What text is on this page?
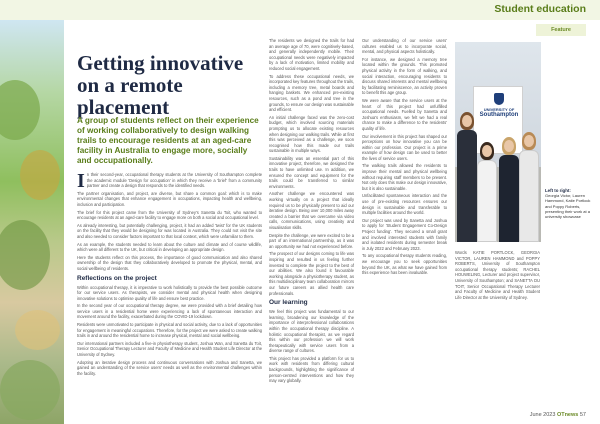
Student education
Feature
Getting innovative on a remote placement
A group of students reflect on their experience of working collaboratively to design walking trails to encourage residents at an aged-care facility in Australia to engage more, socially and occupationally.

In their second-year, occupational therapy students at the University of Southampton complete the academic module 'Design for occupation' in which they receive a 'brief' from a community partner and create a design that responds to the identified needs.

The partner organisation, and project, are diverse, but share a common goal: which is to make environmental changes that enhance engagement in occupations, impacting health and wellbeing, inclusion and participation.

The brief for this project came from the University of Sydney's Sanetta du Toit, who wanted to encourage residents at an aged-care facility to engage more on both a social and occupational level.

As already interesting, but potentially challenging, project, it had an added 'twist' for the UK students on the facility that they would be designing for was located in Australia. They could not visit the site and also needed to consider factors important to that local context, which were unfamiliar to them.

As an example, the students needed to learn about the culture and climate and of course wildlife, which were all different to the UK, but critical in developing an appropriate design.

Here the students reflect on this process, the importance of good communication and also shared ownership of the design that they collaboratively developed to promote the physical, mental, and social wellbeing of residents.

Reflections on the project

Within occupational therapy, it is imperative to work holistically to provide the best possible outcome for our service users. As therapists, we consider mental and physical health when designing innovative solutions to optimise quality of life and ensure best practice.

In the second year of our occupational therapy degree, we were provided with a brief detailing how service users in a residential home were experiencing a lack of spontaneous interaction and movement around the facility, exacerbated during the COVID-19 lockdown.

Residents were unmotivated to participate in physical and social activity, due to a lack of opportunities for engagement in meaningful occupations. Therefore, for the project we were asked to create walking trails in and around the residential home to increase physical, mental and social wellbeing.

Our international partners included a five-in physiotherapy student, Joshua Wan, and Sanetta du Toit, Senior Occupational Therapy Lecturer and Faculty of Medicine and Health Student Life Director at the University of Sydney.

Adopting an iterative design process and continuous conversations with Joshua and Sanetta, we gained an understanding of the service users' needs as well as the environmental challenges within the facility.

The residents we designed the trails for had an average age of 70, were cognitively-based, and generally independently mobile. Their occupational needs were negatively impacted by a lack of motivation, limited mobility and reduced social engagement.

To address these occupational needs, we incorporated key features throughout the trails, including a memory tree, metal boards and hanging baskets. We enhanced pre-existing resources, such as a pond and tree in the grounds, to ensure our design was sustainable and efficient.

An initial challenge faced was the zero-cost budget, which involved sourcing materials prompting us to allocate existing resources when designing our walking trails. While at first this was perceived as a challenge, we soon recognised how this made our trails sustainable in multiple ways.

Sustainability was an essential part of this innovative project, therefore, we designed the trails to have unlimited use. In addition, we ensured the concept and equipment for the trails could be transferred to similar environments.

Another challenge we encountered was working virtually on a project that ideally required us to be physically present to aid our iterative design. Being over 10,000 miles away created a barrier that we overcame via video calls, communications, using creativity and visualisation skills.

Despite the challenge, we were excited to be a part of an international partnership, as it was an opportunity we had not experienced before.

The prospect of our designs coming to life was inspiring and resulted in us feeling further invested to complete the project to the best of our abilities. We also found it favourable working alongside a physiotherapy student, as this multidisciplinary team collaboration mirrors our future careers as allied health care professionals.

Our learning

We feel this project was fundamental to our learning, broadening our knowledge of the importance of interprofessional collaborations within the occupational therapy discipline. A holistic occupational therapist, as we regard this within our profession we will work therapeutically with service users from a diverse range of cultures.

This project has provided a platform for us to work with residents from differing cultural backgrounds, highlighting the significance of person-centred interventions and how they may vary globally.

Our understanding of our service users' cultures enabled us to incorporate social, mental, and physical aspects holistically.

For instance, we designed a memory tree located within the grounds. This promoted physical activity in the form of walking, and social interaction, encouraging residents to discuss shared interests and mental wellbeing by facilitating reminiscence, an activity proven to benefit this age group.

We were aware that the service users at the heart of this project had unfulfilled occupational needs. Fuelled by Sanetta and Joshua's enthusiasm, we felt we had a real chance to make a difference to the residents' quality of life.

Our involvement in this project has shaped our perceptions on how innovative you can be within our profession. Our project is a prime example of how design can be used to better the lives of service users.

The walking trails allowed the residents to improve their mental and physical wellbeing without requiring staff members to be present. Not only does this make our design innovative, but it is also sustainable.

Unfacilitated spontaneous interaction and the use of pre-existing resources ensures our design is sustainable and transferable to multiple facilities around the world.

Our project was used by Sanetta and Joshua to apply for 'Student Engagement Co-Design Project funding'. They secured a small grant and involved interested students with family and isolated residents during semester break in July 2022 and February 2023.

To any occupational therapy students reading, we encourage you to seek opportunities beyond the UK, as what we have gained from this experience has been invaluable.

UNIVERSITY OF
Southampton
Left to right:
Georgia Victor, Lauren Hammond, Katie Portlock and Poppy Roberts, presenting their work at a university showcase

Words KATIE PORTLOCK, GEORGIA VICTOR, LAUREN HAMMOND and POPPY ROBERTS, University of Southampton occupational therapy students; RACHEL HOUWELING, Lecturer and project supervisor, University of Southampton; and SANETTA DU TOIT, Senior Occupational Therapy Lecturer and Faculty of Medicine and Health Student Life Director at the University of Sydney.

June 2023 OTnews 57
